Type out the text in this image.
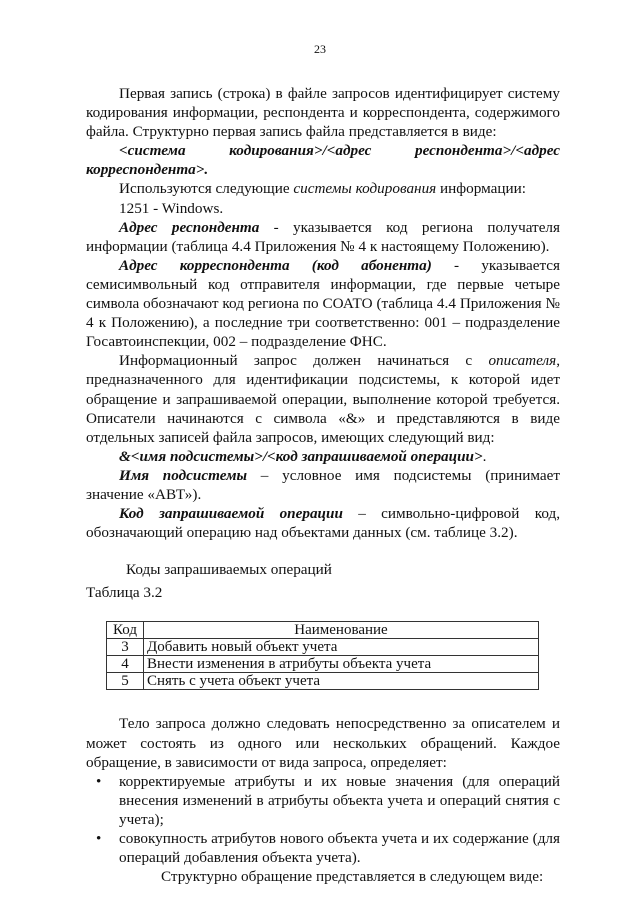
23

Первая запись (строка) в файле запросов идентифицирует систему кодирования информации, респондента и корреспондента, содержимого файла. Структурно первая запись файла представляется в виде:

<система кодирования>/<адрес респондента>/<адрес корреспондента>.

Используются следующие системы кодирования информации:

1251 - Windows.

Адрес респондента - указывается код региона получателя информации (таблица 4.4 Приложения № 4 к настоящему Положению).

Адрес корреспондента (код абонента) - указывается семисимвольный код отправителя информации, где первые четыре символа обозначают код региона по СОАТО (таблица 4.4 Приложения № 4 к Положению), а последние три соответственно: 001 – подразделение Госавтоинспекции, 002 – подразделение ФНС.

Информационный запрос должен начинаться с описателя, предназначенного для идентификации подсистемы, к которой идет обращение и запрашиваемой операции, выполнение которой требуется. Описатели начинаются с символа «&» и представляются в виде отдельных записей файла запросов, имеющих следующий вид:

&<имя подсистемы>/<код запрашиваемой операции>.

Имя подсистемы – условное имя подсистемы (принимает значение «АВТ»).

Код запрашиваемой операции – символьно-цифровой код, обозначающий операцию над объектами данных (см. таблице 3.2).

Коды запрашиваемых операций

Таблица 3.2

Код	Наименование
3	Добавить новый объект учета
4	Внести изменения в атрибуты объекта учета
5	Снять с учета объект учета

Тело запроса должно следовать непосредственно за описателем и может состоять из одного или нескольких обращений. Каждое обращение, в зависимости от вида запроса, определяет:

• корректируемые атрибуты и их новые значения (для операций внесения изменений в атрибуты объекта учета и операций снятия с учета);
• совокупность атрибутов нового объекта учета и их содержание (для операций добавления объекта учета).

Структурно обращение представляется в следующем виде:
